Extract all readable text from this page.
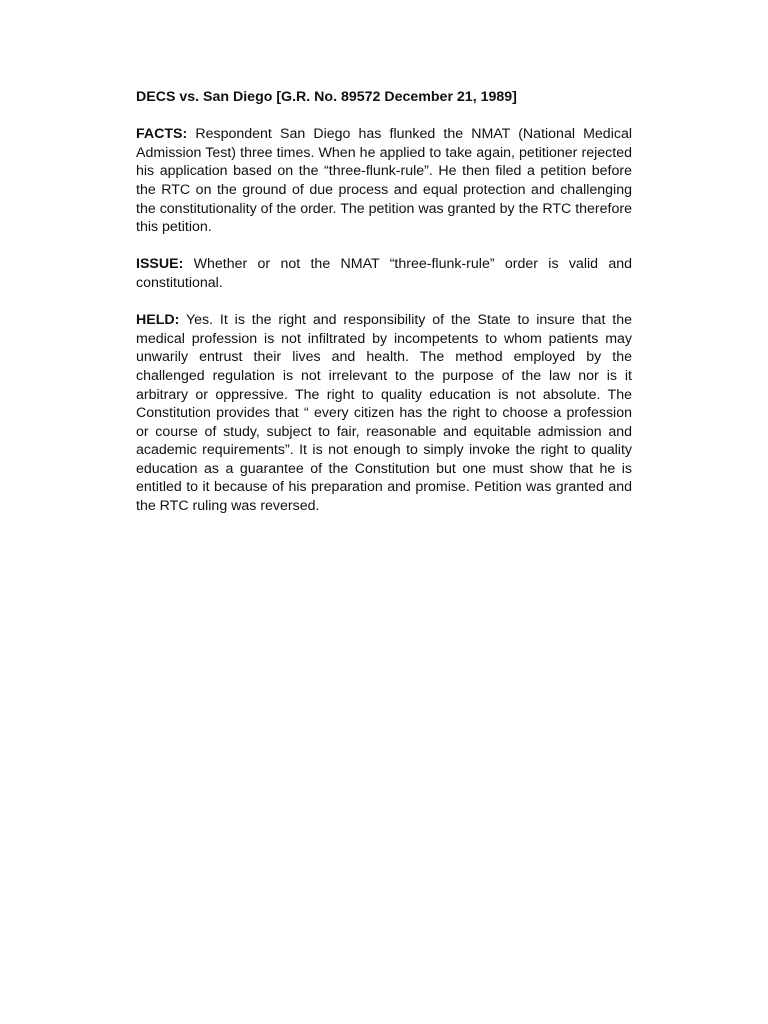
DECS vs. San Diego [G.R. No. 89572 December 21, 1989]

FACTS: Respondent San Diego has flunked the NMAT (National Medical Admission Test) three times. When he applied to take again, petitioner rejected his application based on the “three-flunk-rule”. He then filed a petition before the RTC on the ground of due process and equal protection and challenging the constitutionality of the order. The petition was granted by the RTC therefore this petition.

ISSUE: Whether or not the NMAT “three-flunk-rule” order is valid and constitutional.

HELD: Yes. It is the right and responsibility of the State to insure that the medical profession is not infiltrated by incompetents to whom patients may unwarily entrust their lives and health. The method employed by the challenged regulation is not irrelevant to the purpose of the law nor is it arbitrary or oppressive. The right to quality education is not absolute. The Constitution provides that “ every citizen has the right to choose a profession or course of study, subject to fair, reasonable and equitable admission and academic requirements”. It is not enough to simply invoke the right to quality education as a guarantee of the Constitution but one must show that he is entitled to it because of his preparation and promise. Petition was granted and the RTC ruling was reversed.
